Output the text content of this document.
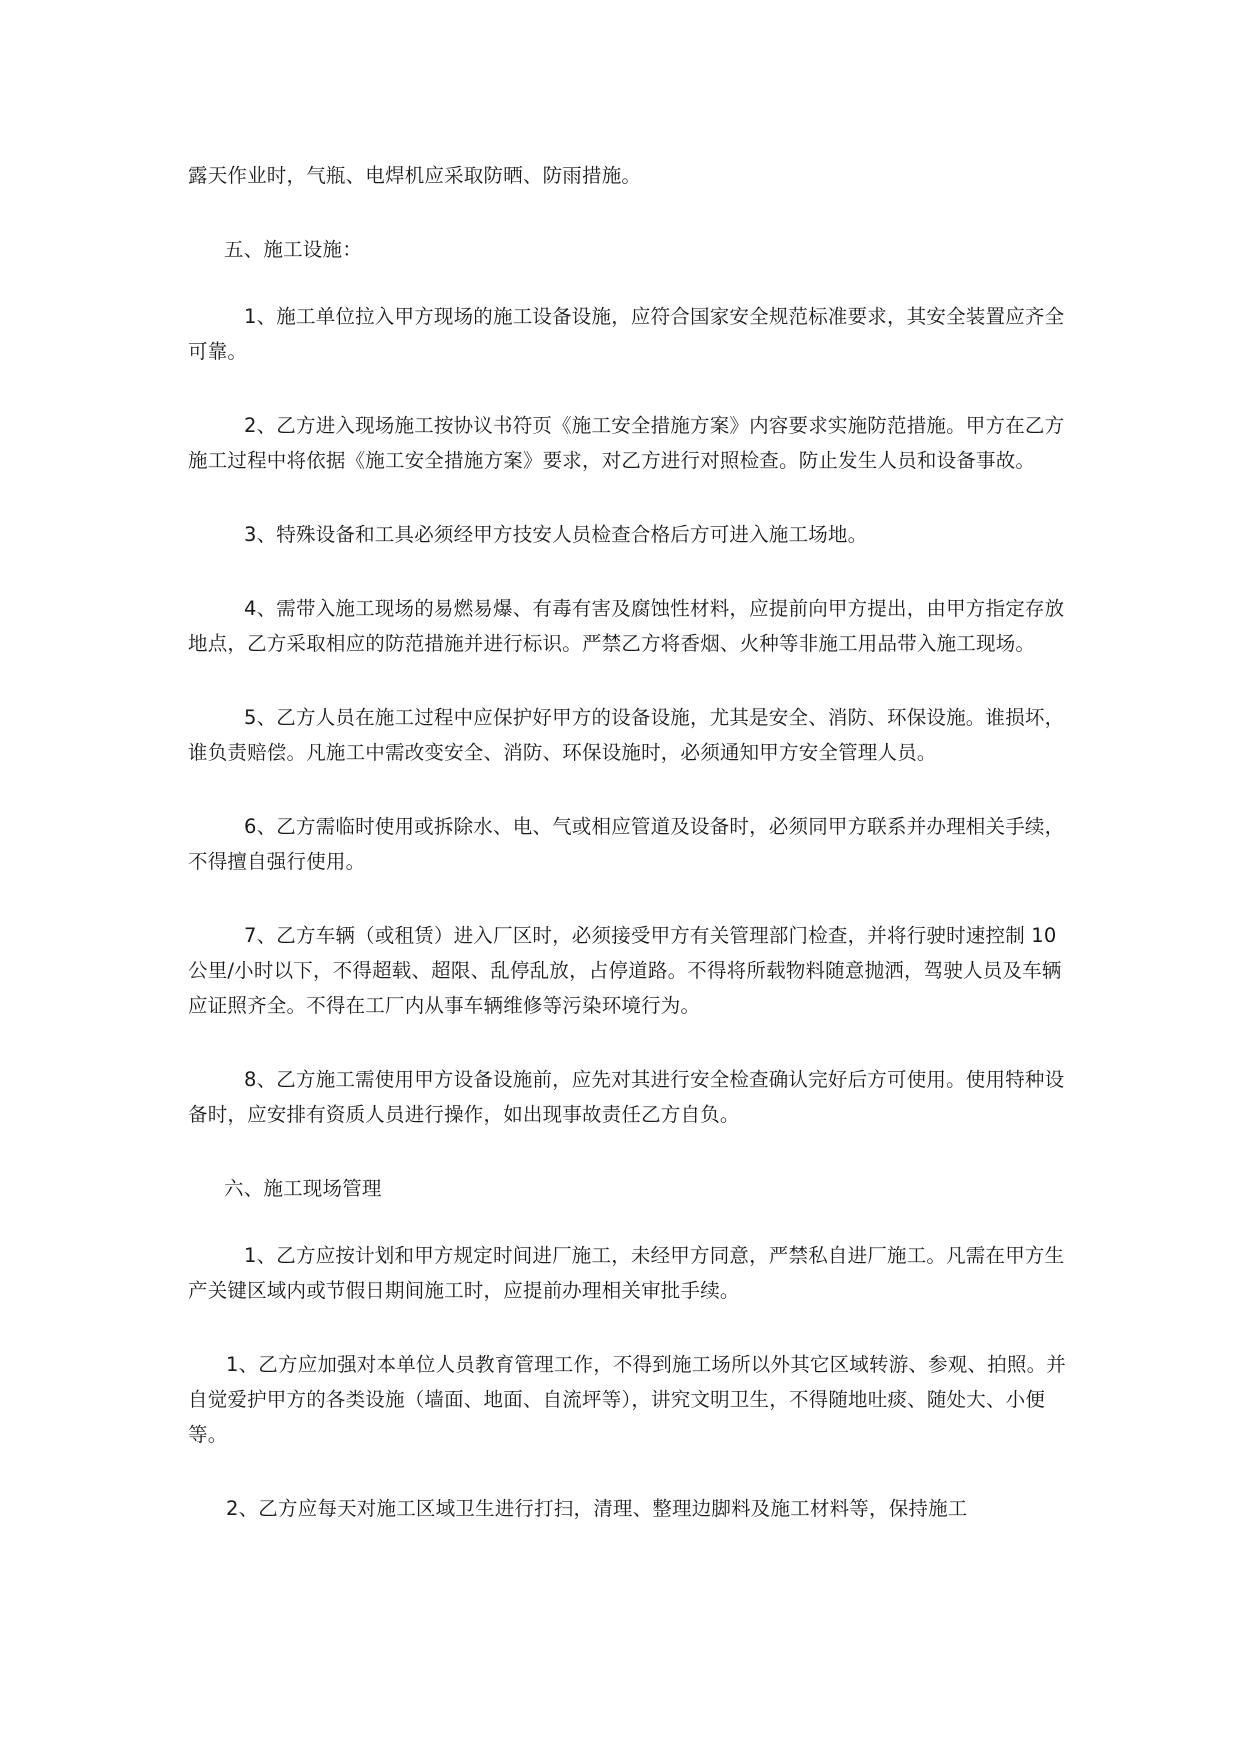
露天作业时，气瓶、电焊机应采取防晒、防雨措施。

五、施工设施：

1、施工单位拉入甲方现场的施工设备设施，应符合国家安全规范标准要求，其安全装置应齐全可靠。

2、乙方进入现场施工按协议书符页《施工安全措施方案》内容要求实施防范措施。甲方在乙方施工过程中将依据《施工安全措施方案》要求，对乙方进行对照检查。防止发生人员和设备事故。

3、特殊设备和工具必须经甲方技安人员检查合格后方可进入施工场地。

4、需带入施工现场的易燃易爆、有毒有害及腐蚀性材料，应提前向甲方提出，由甲方指定存放地点，乙方采取相应的防范措施并进行标识。严禁乙方将香烟、火种等非施工用品带入施工现场。

5、乙方人员在施工过程中应保护好甲方的设备设施，尤其是安全、消防、环保设施。谁损坏，谁负责赔偿。凡施工中需改变安全、消防、环保设施时，必须通知甲方安全管理人员。

6、乙方需临时使用或拆除水、电、气或相应管道及设备时，必须同甲方联系并办理相关手续，不得擅自强行使用。

7、乙方车辆（或租赁）进入厂区时，必须接受甲方有关管理部门检查，并将行驶时速控制 10 公里/小时以下，不得超载、超限、乱停乱放，占停道路。不得将所载物料随意抛洒，驾驶人员及车辆应证照齐全。不得在工厂内从事车辆维修等污染环境行为。

8、乙方施工需使用甲方设备设施前，应先对其进行安全检查确认完好后方可使用。使用特种设备时，应安排有资质人员进行操作，如出现事故责任乙方自负。

六、施工现场管理

1、乙方应按计划和甲方规定时间进厂施工，未经甲方同意，严禁私自进厂施工。凡需在甲方生产关键区域内或节假日期间施工时，应提前办理相关审批手续。

1、乙方应加强对本单位人员教育管理工作，不得到施工场所以外其它区域转游、参观、拍照。并自觉爱护甲方的各类设施（墙面、地面、自流坪等），讲究文明卫生，不得随地吐痰、随处大、小便等。

2、乙方应每天对施工区域卫生进行打扫，清理、整理边脚料及施工材料等，保持施工
